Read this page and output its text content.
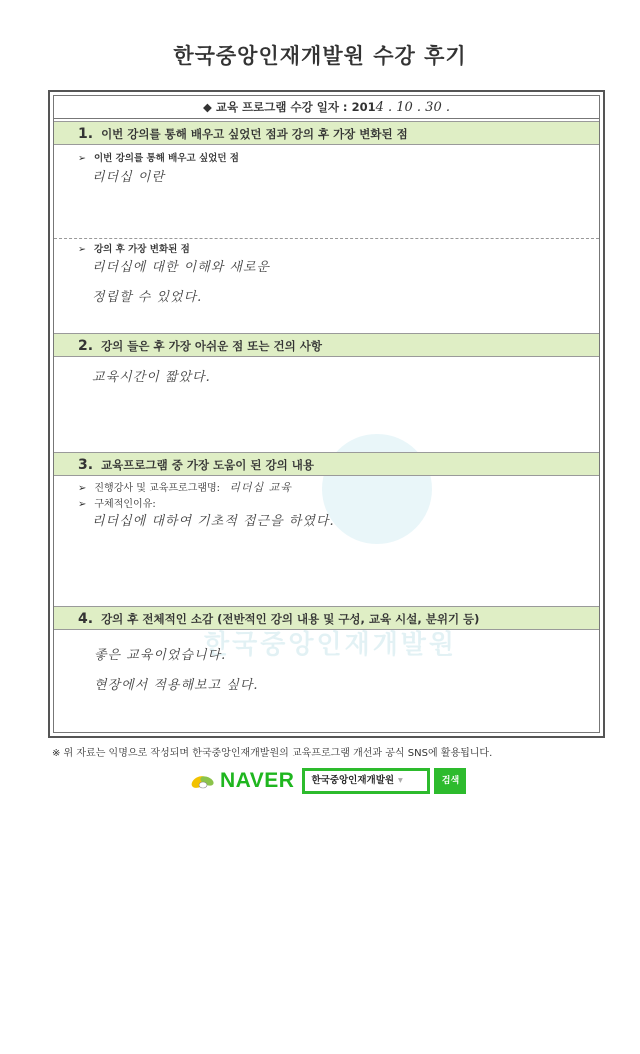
한국중앙인재개발원 수강 후기
한국중앙인재개발원
◆ 교육 프로그램 수강 일자 : 2014 . 10 . 30 .
1. 이번 강의를 통해 배우고 싶었던 점과 강의 후 가장 변화된 점
➢ 이번 강의를 통해 배우고 싶었던 점
리더십 이란
➢ 강의 후 가장 변화된 점
리더십에 대한 이해와 새로운
정립할 수 있었다.
2. 강의 들은 후 가장 아쉬운 점 또는 건의 사항
교육시간이 짧았다.
3. 교육프로그램 중 가장 도움이 된 강의 내용
➢ 진행강사 및 교육프로그램명: 리더십 교육
➢ 구체적인이유:
리더십에 대하여 기초적 접근을 하였다.
4. 강의 후 전체적인 소감 (전반적인 강의 내용 및 구성, 교육 시설, 분위기 등)
좋은 교육이었습니다.
현장에서 적용해보고 싶다.
※ 위 자료는 익명으로 작성되며 한국중앙인재개발원의 교육프로그램 개선과 공식 SNS에 활용됩니다.
NAVER	한국중앙인재개발원 ▾	검색
